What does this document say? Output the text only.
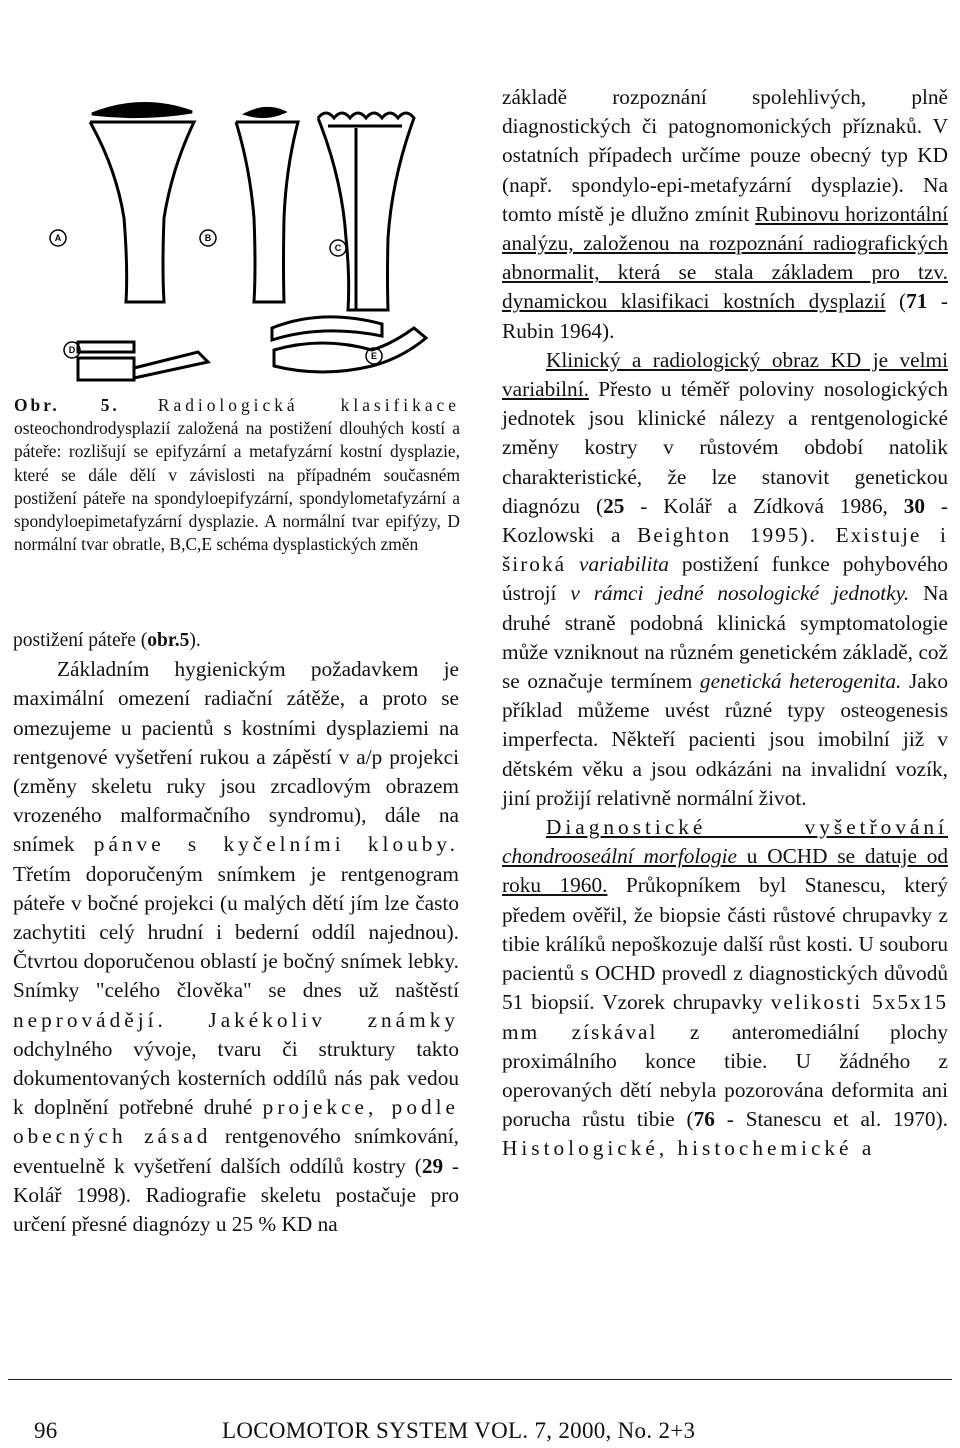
A	B
C
D
E
Obr. 5. Radiologická klasifikace osteochondrodysplazií založená na postižení dlouhých kostí a páteře: rozlišují se epifyzární a metafyzární kostní dysplazie, které se dále dělí v závislosti na případném současném postižení páteře na spondyloepifyzární, spondylometafyzární a spondyloepimetafyzární dysplazie. A normální tvar epifýzy, D normální tvar obratle, B,C,E schéma dysplastických změn

postižení páteře (obr.5).

Základním hygienickým požadavkem je maximální omezení radiační zátěže, a proto se omezujeme u pacientů s kostními dysplaziemi na rentgenové vyšetření rukou a zápěstí v a/p projekci (změny skeletu ruky jsou zrcadlovým obrazem vrozeného malformačního syndromu), dále na snímek pánve s kyčelními klouby. Třetím doporučeným snímkem je rentgenogram páteře v bočné projekci (u malých dětí jím lze často zachytiti celý hrudní i bederní oddíl najednou). Čtvrtou doporučenou oblastí je bočný snímek lebky. Snímky "celého člověka" se dnes už naštěstí neprovádějí. Jakékoliv známky odchylného vývoje, tvaru či struktury takto dokumentovaných kosterních oddílů nás pak vedou k doplnění potřebné druhé projekce, podle obecných zásad rentgenového snímkování, eventuelně k vyšetření dalších oddílů kostry (29 - Kolář 1998). Radiografie skeletu postačuje pro určení přesné diagnózy u 25 % KD na

základě rozpoznání spolehlivých, plně diagnostických či patognomonických příznaků. V ostatních případech určíme pouze obecný typ KD (např. spondylo-epi-metafyzární dysplazie). Na tomto místě je dlužno zmínit Rubinovu horizontální analýzu, založenou na rozpoznání radiografických abnormalit, která se stala základem pro tzv. dynamickou klasifikaci kostních dysplazií (71 - Rubin 1964).

Klinický a radiologický obraz KD je velmi variabilní. Přesto u téměř poloviny nosologických jednotek jsou klinické nálezy a rentgenologické změny kostry v růstovém období natolik charakteristické, že lze stanovit genetickou diagnózu (25 - Kolář a Zídková 1986, 30 - Kozlowski a Beighton 1995). Existuje i široká variabilita postižení funkce pohybového ústrojí v rámci jedné nosologické jednotky. Na druhé straně podobná klinická symptomatologie může vzniknout na různém genetickém základě, což se označuje termínem genetická heterogenita. Jako příklad můžeme uvést různé typy osteogenesis imperfecta. Někteří pacienti jsou imobilní již v dětském věku a jsou odkázáni na invalidní vozík, jiní prožijí relativně normální život.

Diagnostické vyšetřování chondrooseální morfologie u OCHD se datuje od roku 1960. Průkopníkem byl Stanescu, který předem ověřil, že biopsie části růstové chrupavky z tibie králíků nepoškozuje další růst kosti. U souboru pacientů s OCHD provedl z diagnostických důvodů 51 biopsií. Vzorek chrupavky velikosti 5x5x15 mm získával z anteromediální plochy proximálního konce tibie. U žádného z operovaných dětí nebyla pozorována deformita ani porucha růstu tibie (76 - Stanescu et al. 1970). Histologické, histochemické a

96	LOCOMOTOR SYSTEM VOL. 7, 2000, No. 2+3
